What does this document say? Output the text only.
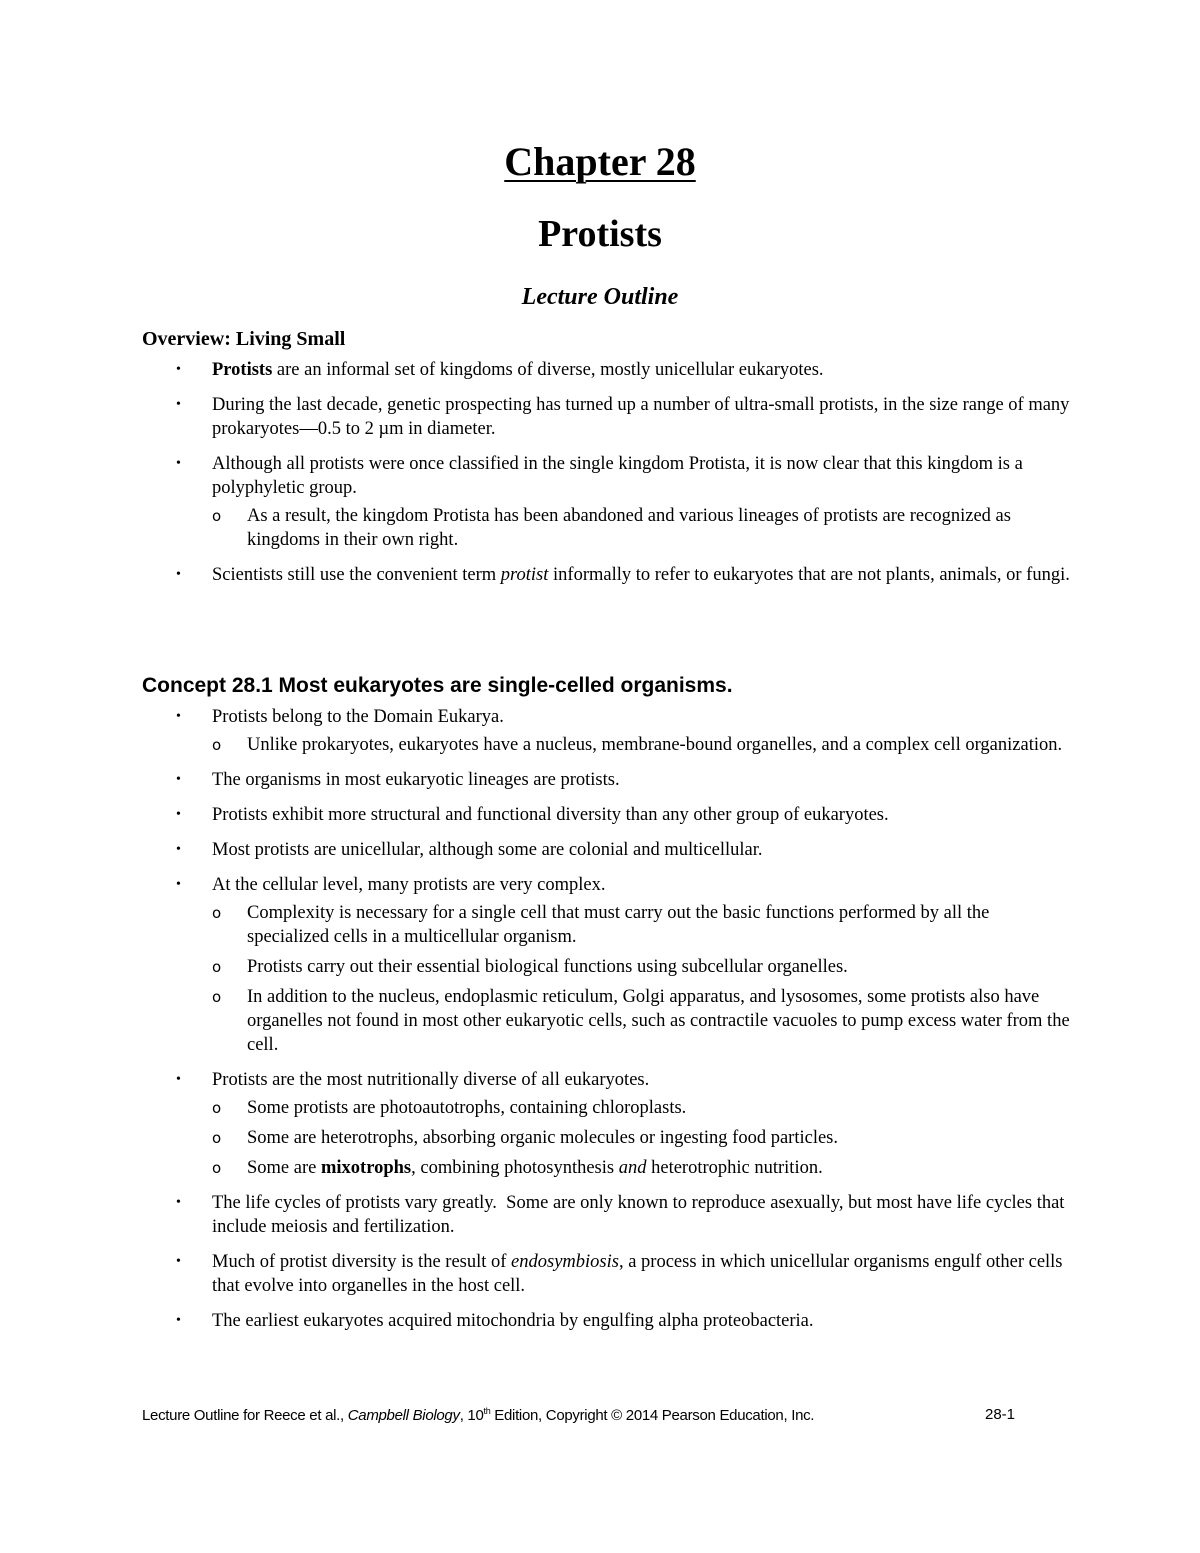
Chapter 28
Protists
Lecture Outline
Overview: Living Small
• Protists are an informal set of kingdoms of diverse, mostly unicellular eukaryotes.
• During the last decade, genetic prospecting has turned up a number of ultra-small protists, in the size range of many prokaryotes—0.5 to 2 µm in diameter.
• Although all protists were once classified in the single kingdom Protista, it is now clear that this kingdom is a polyphyletic group.
o As a result, the kingdom Protista has been abandoned and various lineages of protists are recognized as kingdoms in their own right.
• Scientists still use the convenient term protist informally to refer to eukaryotes that are not plants, animals, or fungi.
Concept 28.1 Most eukaryotes are single-celled organisms.
• Protists belong to the Domain Eukarya.
o Unlike prokaryotes, eukaryotes have a nucleus, membrane-bound organelles, and a complex cell organization.
• The organisms in most eukaryotic lineages are protists.
• Protists exhibit more structural and functional diversity than any other group of eukaryotes.
• Most protists are unicellular, although some are colonial and multicellular.
• At the cellular level, many protists are very complex.
o Complexity is necessary for a single cell that must carry out the basic functions performed by all the specialized cells in a multicellular organism.
o Protists carry out their essential biological functions using subcellular organelles.
o In addition to the nucleus, endoplasmic reticulum, Golgi apparatus, and lysosomes, some protists also have organelles not found in most other eukaryotic cells, such as contractile vacuoles to pump excess water from the cell.
• Protists are the most nutritionally diverse of all eukaryotes.
o Some protists are photoautotrophs, containing chloroplasts.
o Some are heterotrophs, absorbing organic molecules or ingesting food particles.
o Some are mixotrophs, combining photosynthesis and heterotrophic nutrition.
• The life cycles of protists vary greatly.  Some are only known to reproduce asexually, but most have life cycles that include meiosis and fertilization.
• Much of protist diversity is the result of endosymbiosis, a process in which unicellular organisms engulf other cells that evolve into organelles in the host cell.
• The earliest eukaryotes acquired mitochondria by engulfing alpha proteobacteria.
Lecture Outline for Reece et al., Campbell Biology, 10th Edition, Copyright © 2014 Pearson Education, Inc.	28-1
